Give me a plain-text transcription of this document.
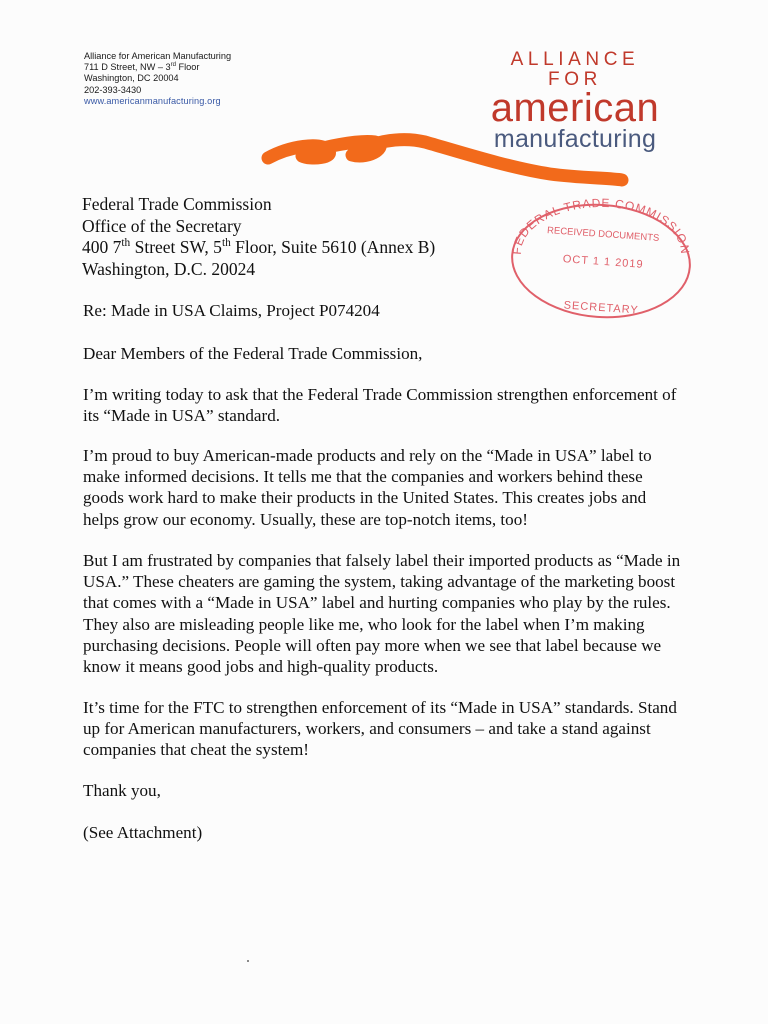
Alliance for American Manufacturing
711 D Street, NW – 3rd Floor
Washington, DC 20004
202-393-3430
www.americanmanufacturing.org
ALLIANCE FOR
american
manufacturing
Federal Trade Commission
Office of the Secretary
400 7th Street SW, 5th Floor, Suite 5610 (Annex B)
Washington, D.C. 20024
FEDERAL TRADE COMMISSION
RECEIVED DOCUMENTS
OCT 1 1 2019
SECRETARY
Re: Made in USA Claims, Project P074204
Dear Members of the Federal Trade Commission,

I’m writing today to ask that the Federal Trade Commission strengthen enforcement of its “Made in USA” standard.

I’m proud to buy American-made products and rely on the “Made in USA” label to make informed decisions. It tells me that the companies and workers behind these goods work hard to make their products in the United States. This creates jobs and helps grow our economy. Usually, these are top-notch items, too!

But I am frustrated by companies that falsely label their imported products as “Made in USA.” These cheaters are gaming the system, taking advantage of the marketing boost that comes with a “Made in USA” label and hurting companies who play by the rules. They also are misleading people like me, who look for the label when I’m making purchasing decisions. People will often pay more when we see that label because we know it means good jobs and high-quality products.

It’s time for the FTC to strengthen enforcement of its “Made in USA” standards. Stand up for American manufacturers, workers, and consumers – and take a stand against companies that cheat the system!

Thank you,
(See Attachment)
